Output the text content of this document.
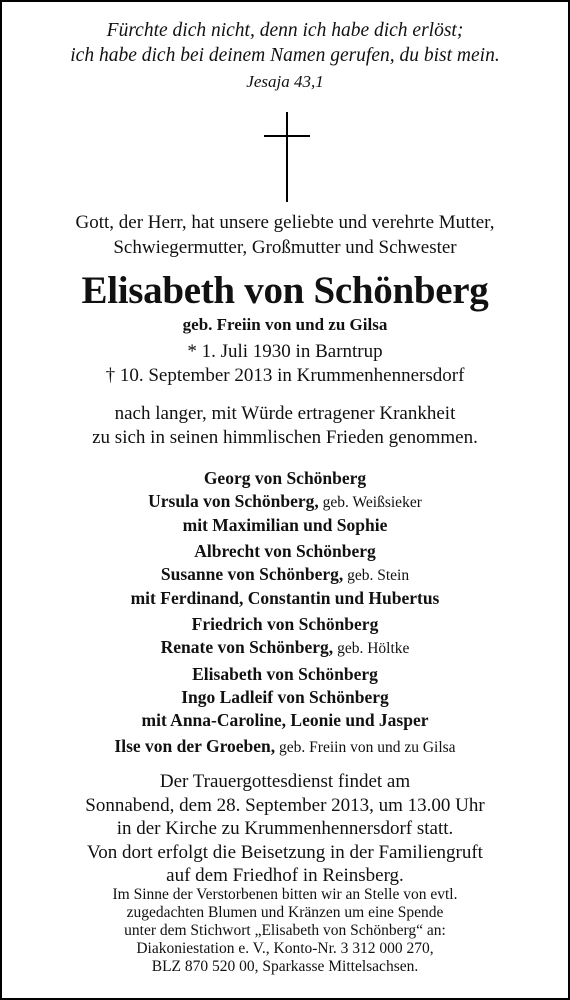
Fürchte dich nicht, denn ich habe dich erlöst;
ich habe dich bei deinem Namen gerufen, du bist mein.
Jesaja 43,1
Gott, der Herr, hat unsere geliebte und verehrte Mutter,
Schwiegermutter, Großmutter und Schwester
Elisabeth von Schönberg
geb. Freiin von und zu Gilsa
* 1. Juli 1930 in Barntrup
† 10. September 2013 in Krummenhennersdorf
nach langer, mit Würde ertragener Krankheit
zu sich in seinen himmlischen Frieden genommen.
Georg von Schönberg
Ursula von Schönberg, geb. Weißsieker
mit Maximilian und Sophie
Albrecht von Schönberg
Susanne von Schönberg, geb. Stein
mit Ferdinand, Constantin und Hubertus
Friedrich von Schönberg
Renate von Schönberg, geb. Höltke
Elisabeth von Schönberg
Ingo Ladleif von Schönberg
mit Anna-Caroline, Leonie und Jasper
Ilse von der Groeben, geb. Freiin von und zu Gilsa
Der Trauergottesdienst findet am
Sonnabend, dem 28. September 2013, um 13.00 Uhr
in der Kirche zu Krummenhennersdorf statt.
Von dort erfolgt die Beisetzung in der Familiengruft
auf dem Friedhof in Reinsberg.
Im Sinne der Verstorbenen bitten wir an Stelle von evtl.
zugedachten Blumen und Kränzen um eine Spende
unter dem Stichwort „Elisabeth von Schönberg“ an:
Diakoniestation e. V., Konto-Nr. 3 312 000 270,
BLZ 870 520 00, Sparkasse Mittelsachsen.
